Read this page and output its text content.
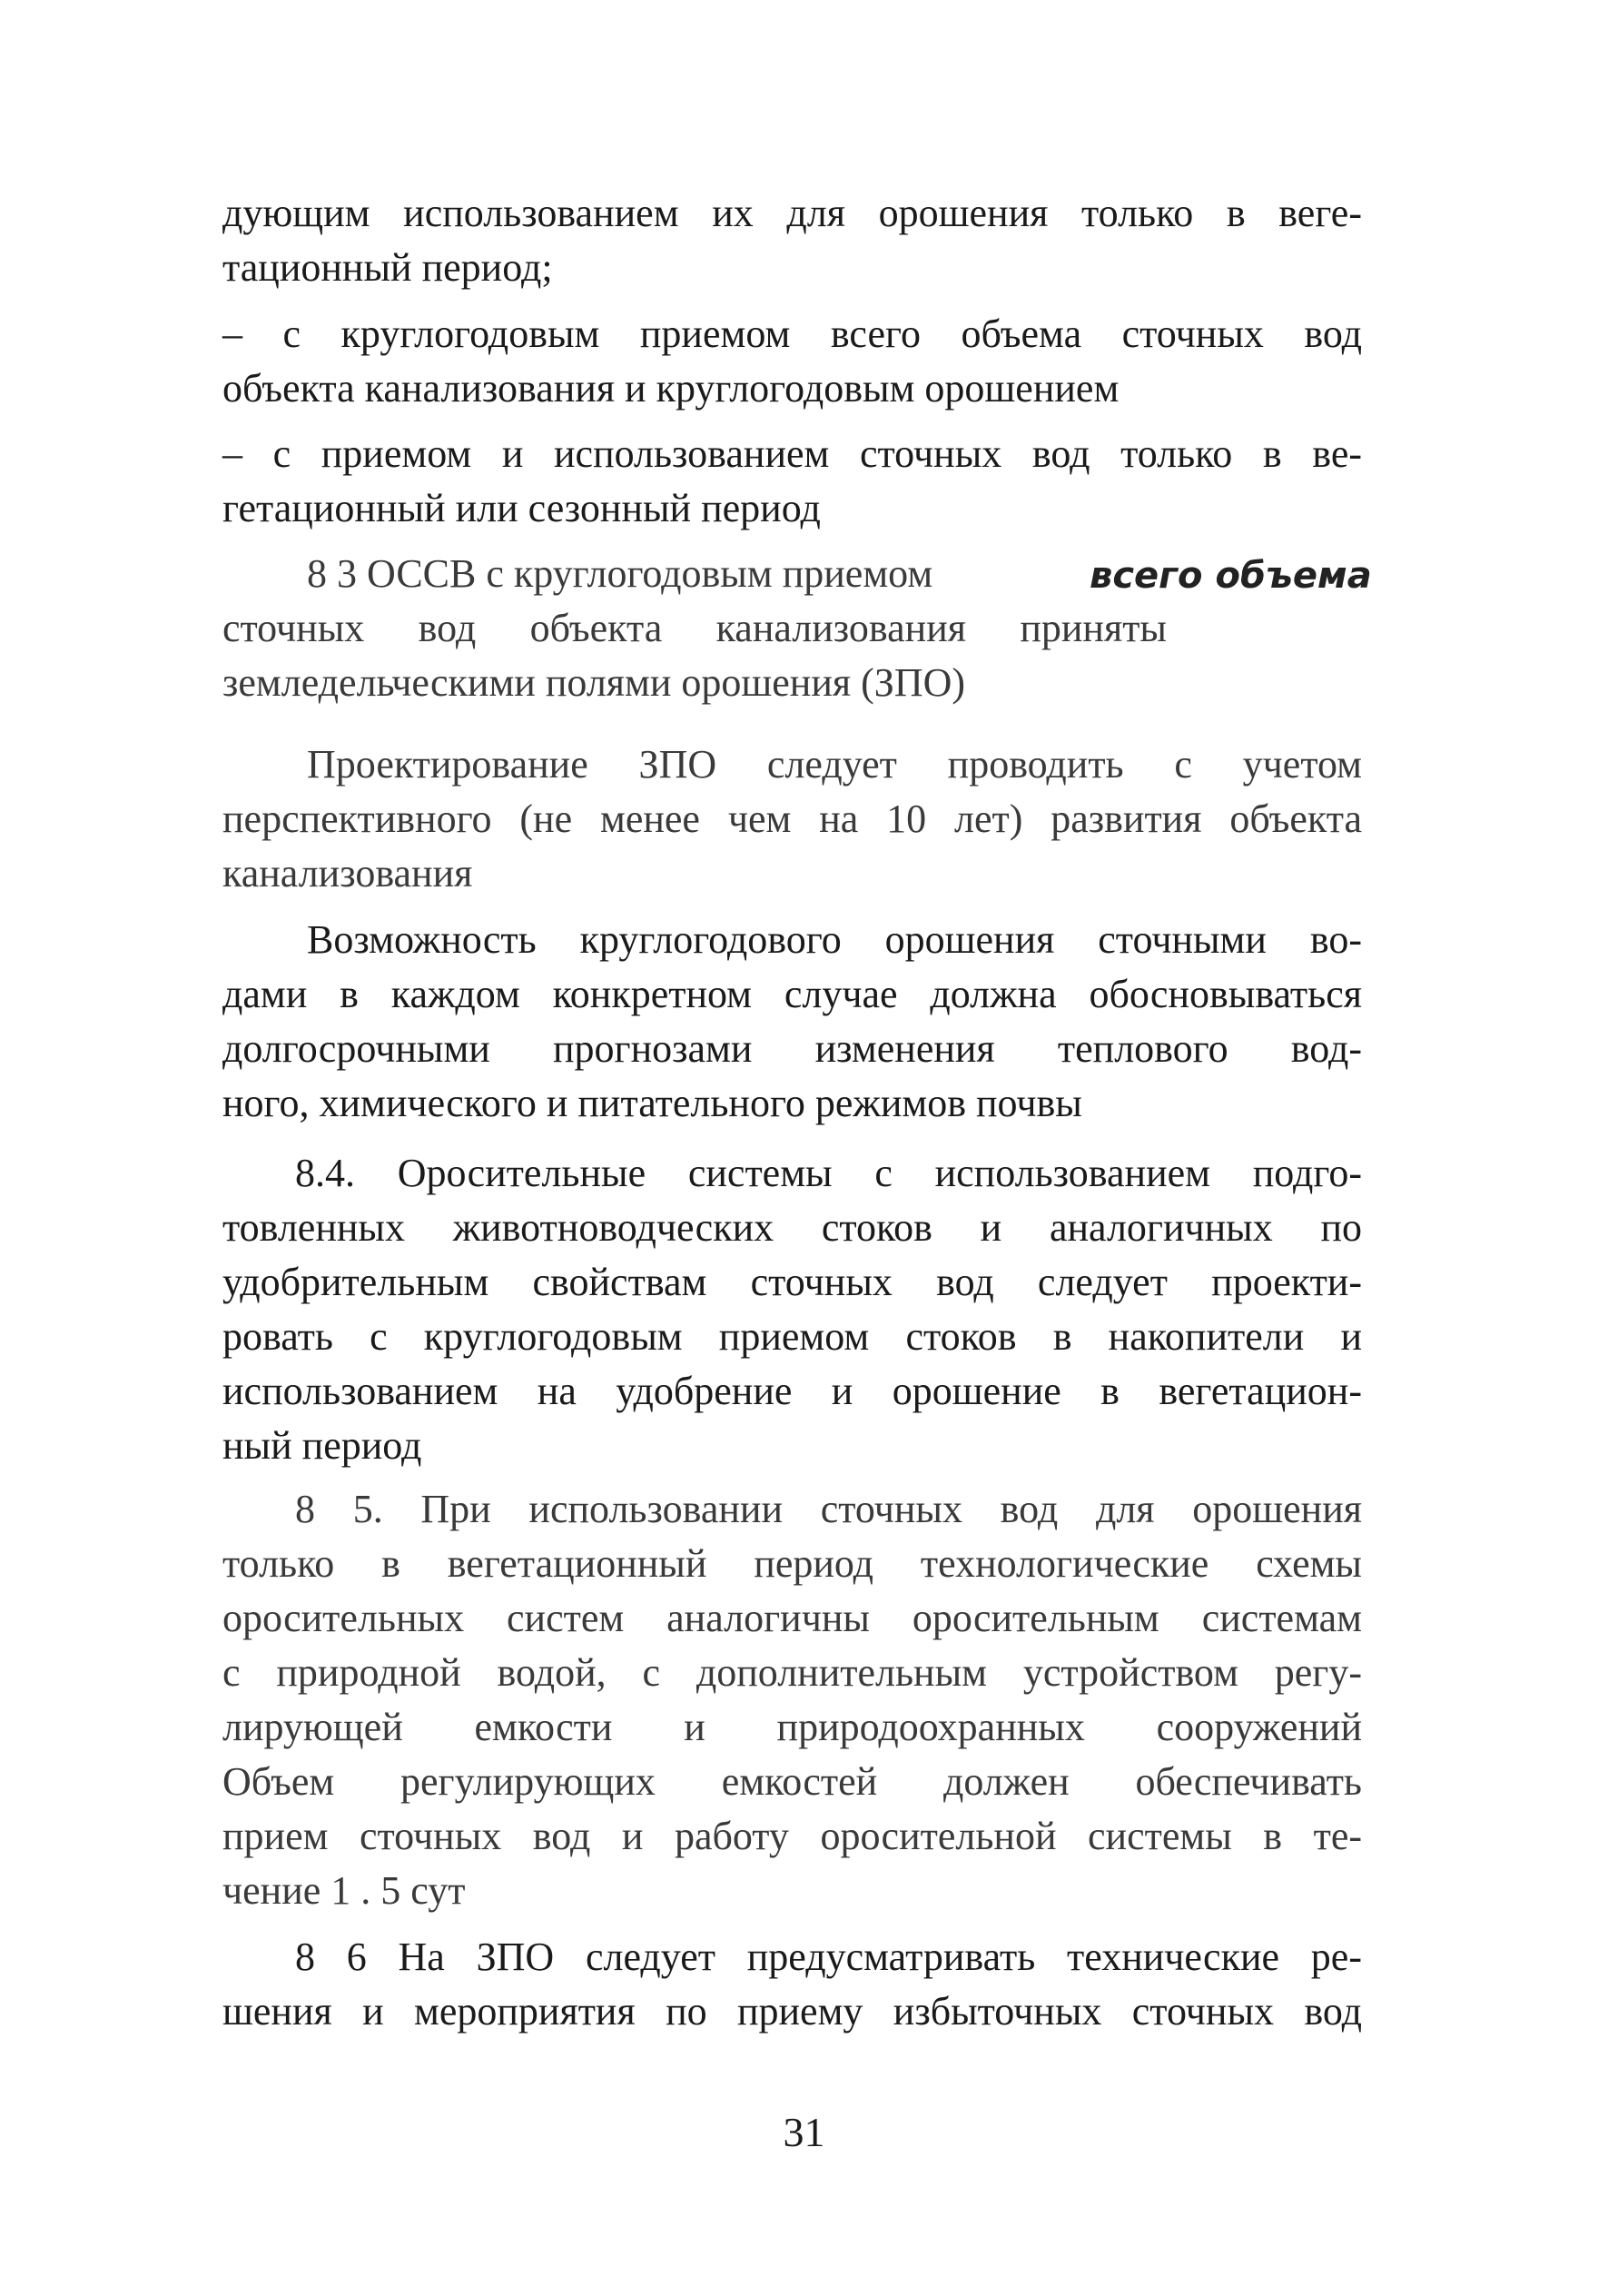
дующим использованием их для орошения только в веге-
тационный период;
– с круглогодовым приемом всего объема сточных вод
объекта канализования и круглогодовым орошением
– с приемом и использованием сточных вод только в ве-
гетационный или сезонный период
8 3 ОССВ с круглогодовым приемом	всего объема
сточных вод объекта канализования приняты
земледельческими полями орошения (ЗПО)
Проектирование ЗПО следует проводить с учетом
перспективного (не менее чем на 10 лет) развития объекта
канализования
Возможность круглогодового орошения сточными во-
дами в каждом конкретном случае должна обосновываться
долгосрочными прогнозами изменения теплового вод-
ного, химического и питательного режимов почвы
8.4. Оросительные системы с использованием подго-
товленных животноводческих стоков и аналогичных по
удобрительным свойствам сточных вод следует проекти-
ровать с круглогодовым приемом стоков в накопители и
использованием на удобрение и орошение в вегетацион-
ный период
8 5. При использовании сточных вод для орошения
только в вегетационный период технологические схемы
оросительных систем аналогичны оросительным системам
с природной водой, с дополнительным устройством регу-
лирующей емкости и природоохранных сооружений
Объем регулирующих емкостей должен обеспечивать
прием сточных вод и работу оросительной системы в те-
чение 1 . 5 сут
8 6 На ЗПО следует предусматривать технические ре-
шения и мероприятия по приему избыточных сточных вод
31
